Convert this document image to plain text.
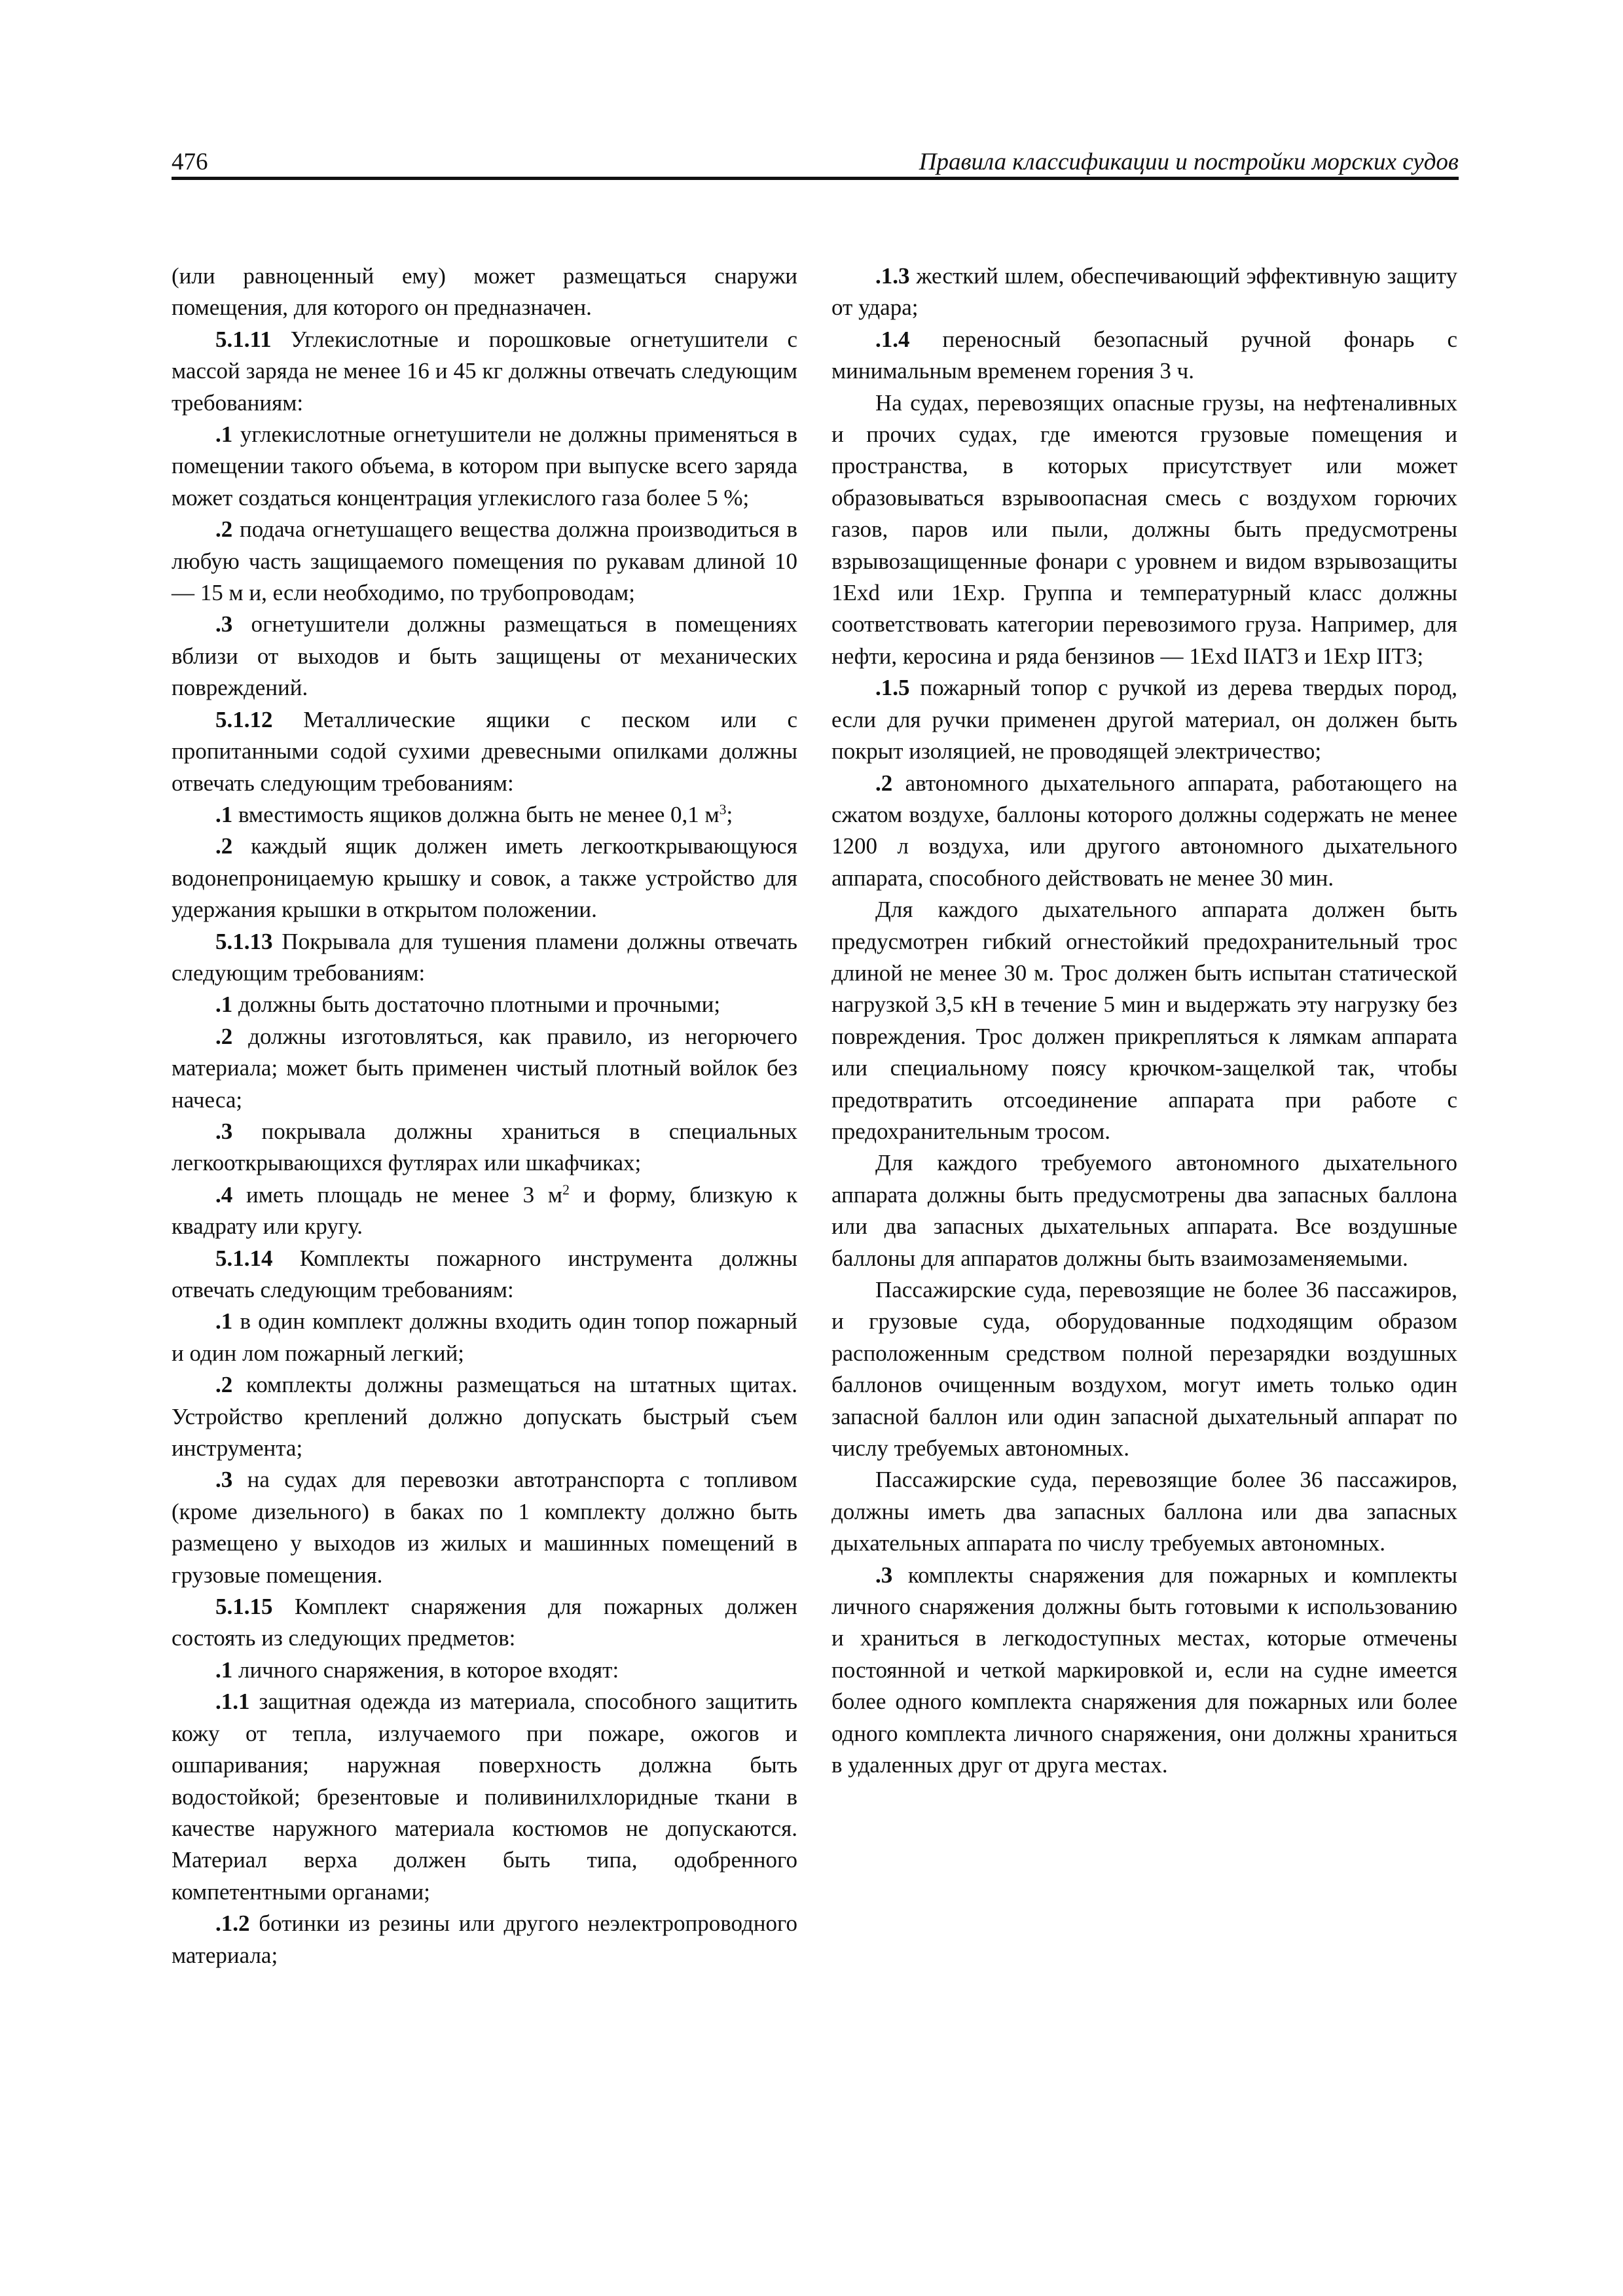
476	Правила классификации и постройки морских судов

(или равноценный ему) может размещаться снаружи помещения, для которого он предназначен.

5.1.11 Углекислотные и порошковые огнетушители с массой заряда не менее 16 и 45 кг должны отвечать следующим требованиям:

.1 углекислотные огнетушители не должны применяться в помещении такого объема, в котором при выпуске всего заряда может создаться концентрация углекислого газа более 5 %;

.2 подача огнетушащего вещества должна производиться в любую часть защищаемого помещения по рукавам длиной 10 — 15 м и, если необходимо, по трубопроводам;

.3 огнетушители должны размещаться в помещениях вблизи от выходов и быть защищены от механических повреждений.

5.1.12 Металлические ящики с песком или с пропитанными содой сухими древесными опилками должны отвечать следующим требованиям:

.1 вместимость ящиков должна быть не менее 0,1 $м^3$;

.2 каждый ящик должен иметь легкооткрывающуюся водонепроницаемую крышку и совок, а также устройство для удержания крышки в открытом положении.

5.1.13 Покрывала для тушения пламени должны отвечать следующим требованиям:

.1 должны быть достаточно плотными и прочными;

.2 должны изготовляться, как правило, из негорючего материала; может быть применен чистый плотный войлок без начеса;

.3 покрывала должны храниться в специальных легкооткрывающихся футлярах или шкафчиках;

.4 иметь площадь не менее 3 $м^2$ и форму, близкую к квадрату или кругу.

5.1.14 Комплекты пожарного инструмента должны отвечать следующим требованиям:

.1 в один комплект должны входить один топор пожарный и один лом пожарный легкий;

.2 комплекты должны размещаться на штатных щитах. Устройство креплений должно допускать быстрый съем инструмента;

.3 на судах для перевозки автотранспорта с топливом (кроме дизельного) в баках по 1 комплекту должно быть размещено у выходов из жилых и машинных помещений в грузовые помещения.

5.1.15 Комплект снаряжения для пожарных должен состоять из следующих предметов:

.1 личного снаряжения, в которое входят:

.1.1 защитная одежда из материала, способного защитить кожу от тепла, излучаемого при пожаре, ожогов и ошпаривания; наружная поверхность должна быть водостойкой; брезентовые и поливинилхлоридные ткани в качестве наружного материала костюмов не допускаются. Материал верха должен быть типа, одобренного компетентными органами;

.1.2 ботинки из резины или другого неэлектропроводного материала;

.1.3 жесткий шлем, обеспечивающий эффективную защиту от удара;

.1.4 переносный безопасный ручной фонарь с минимальным временем горения 3 ч.

На судах, перевозящих опасные грузы, на нефтеналивных и прочих судах, где имеются грузовые помещения и пространства, в которых присутствует или может образовываться взрывоопасная смесь с воздухом горючих газов, паров или пыли, должны быть предусмотрены взрывозащищенные фонари с уровнем и видом взрывозащиты 1Exd или 1Exp. Группа и температурный класс должны соответствовать категории перевозимого груза. Например, для нефти, керосина и ряда бензинов — 1Exd IIАТ3 и 1Exp IIТ3;

.1.5 пожарный топор с ручкой из дерева твердых пород, если для ручки применен другой материал, он должен быть покрыт изоляцией, не проводящей электричество;

.2 автономного дыхательного аппарата, работающего на сжатом воздухе, баллоны которого должны содержать не менее 1200 л воздуха, или другого автономного дыхательного аппарата, способного действовать не менее 30 мин.

Для каждого дыхательного аппарата должен быть предусмотрен гибкий огнестойкий предохранительный трос длиной не менее 30 м. Трос должен быть испытан статической нагрузкой 3,5 кН в течение 5 мин и выдержать эту нагрузку без повреждения. Трос должен прикрепляться к лямкам аппарата или специальному поясу крючком-защелкой так, чтобы предотвратить отсоединение аппарата при работе с предохранительным тросом.

Для каждого требуемого автономного дыхательного аппарата должны быть предусмотрены два запасных баллона или два запасных дыхательных аппарата. Все воздушные баллоны для аппаратов должны быть взаимозаменяемыми.

Пассажирские суда, перевозящие не более 36 пассажиров, и грузовые суда, оборудованные подходящим образом расположенным средством полной перезарядки воздушных баллонов очищенным воздухом, могут иметь только один запасной баллон или один запасной дыхательный аппарат по числу требуемых автономных.

Пассажирские суда, перевозящие более 36 пассажиров, должны иметь два запасных баллона или два запасных дыхательных аппарата по числу требуемых автономных.

.3 комплекты снаряжения для пожарных и комплекты личного снаряжения должны быть готовыми к использованию и храниться в легкодоступных местах, которые отмечены постоянной и четкой маркировкой и, если на судне имеется более одного комплекта снаряжения для пожарных или более одного комплекта личного снаряжения, они должны храниться в удаленных друг от друга местах.
